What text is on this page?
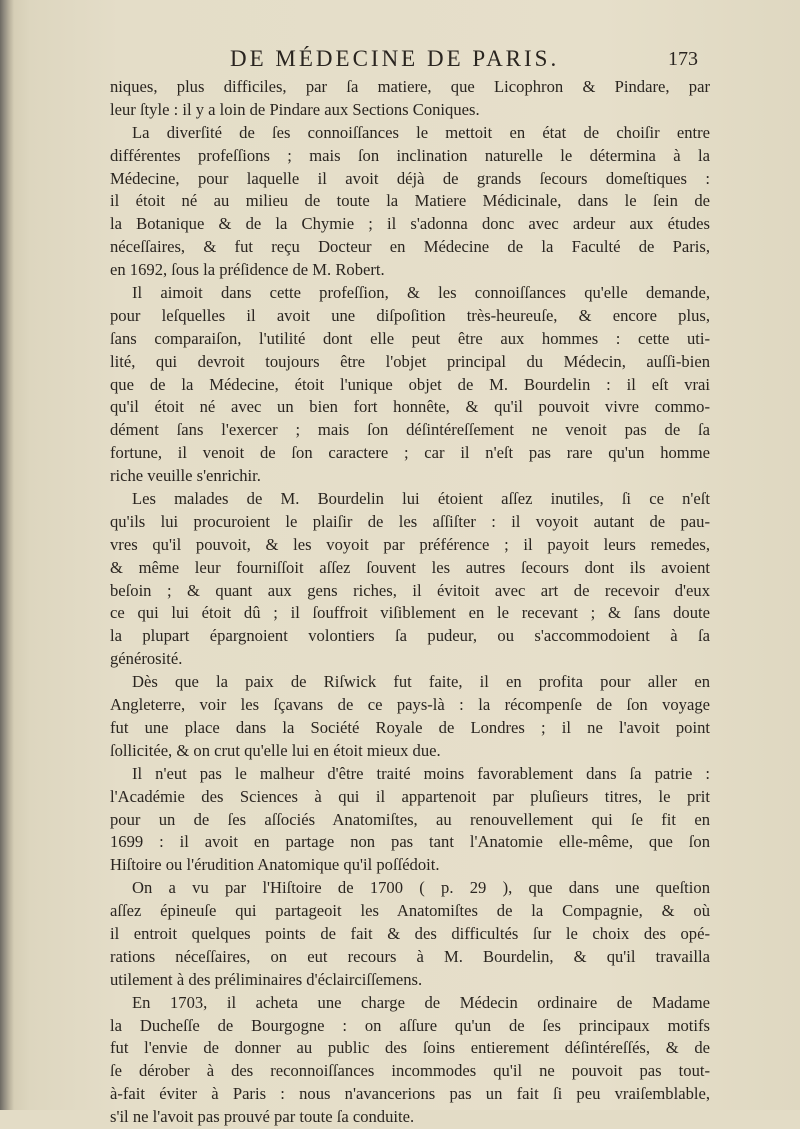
DE MÉDECINE DE PARIS.	173
niques, plus difficiles, par ſa matiere, que Licophron & Pindare, par
leur ſtyle : il y a loin de Pindare aux Sections Coniques.
La diverſité de ſes connoiſſances le mettoit en état de choiſir entre
différentes profeſſions ; mais ſon inclination naturelle le détermina à la
Médecine, pour laquelle il avoit déjà de grands ſecours domeſtiques :
il étoit né au milieu de toute la Matiere Médicinale, dans le ſein de
la Botanique & de la Chymie ; il s'adonna donc avec ardeur aux études
néceſſaires, & fut reçu Docteur en Médecine de la Faculté de Paris,
en 1692, ſous la préſidence de M. Robert.
Il aimoit dans cette profeſſion, & les connoiſſances qu'elle demande,
pour leſquelles il avoit une diſpoſition très-heureuſe, & encore plus,
ſans comparaiſon, l'utilité dont elle peut être aux hommes : cette uti-
lité, qui devroit toujours être l'objet principal du Médecin, auſſi-bien
que de la Médecine, étoit l'unique objet de M. Bourdelin : il eſt vrai
qu'il étoit né avec un bien fort honnête, & qu'il pouvoit vivre commo-
dément ſans l'exercer ; mais ſon déſintéreſſement ne venoit pas de ſa
fortune, il venoit de ſon caractere ; car il n'eſt pas rare qu'un homme
riche veuille s'enrichir.
Les malades de M. Bourdelin lui étoient aſſez inutiles, ſi ce n'eſt
qu'ils lui procuroient le plaiſir de les aſſiſter : il voyoit autant de pau-
vres qu'il pouvoit, & les voyoit par préférence ; il payoit leurs remedes,
& même leur fourniſſoit aſſez ſouvent les autres ſecours dont ils avoient
beſoin ; & quant aux gens riches, il évitoit avec art de recevoir d'eux
ce qui lui étoit dû ; il ſouffroit viſiblement en le recevant ; & ſans doute
la plupart épargnoient volontiers ſa pudeur, ou s'accommodoient à ſa
générosité.
Dès que la paix de Riſwick fut faite, il en profita pour aller en
Angleterre, voir les ſçavans de ce pays-là : la récompenſe de ſon voyage
fut une place dans la Société Royale de Londres ; il ne l'avoit point
ſollicitée, & on crut qu'elle lui en étoit mieux due.
Il n'eut pas le malheur d'être traité moins favorablement dans ſa patrie :
l'Académie des Sciences à qui il appartenoit par pluſieurs titres, le prit
pour un de ſes aſſociés Anatomiſtes, au renouvellement qui ſe fit en
1699 : il avoit en partage non pas tant l'Anatomie elle-même, que ſon
Hiſtoire ou l'érudition Anatomique qu'il poſſédoit.
On a vu par l'Hiſtoire de 1700 ( p. 29 ), que dans une queſtion
aſſez épineuſe qui partageoit les Anatomiſtes de la Compagnie, & où
il entroit quelques points de fait & des difficultés ſur le choix des opé-
rations néceſſaires, on eut recours à M. Bourdelin, & qu'il travailla
utilement à des préliminaires d'éclairciſſemens.
En 1703, il acheta une charge de Médecin ordinaire de Madame
la Ducheſſe de Bourgogne : on aſſure qu'un de ſes principaux motifs
fut l'envie de donner au public des ſoins entierement déſintéreſſés, & de
ſe dérober à des reconnoiſſances incommodes qu'il ne pouvoit pas tout-
à-fait éviter à Paris : nous n'avancerions pas un fait ſi peu vraiſemblable,
s'il ne l'avoit pas prouvé par toute ſa conduite.
